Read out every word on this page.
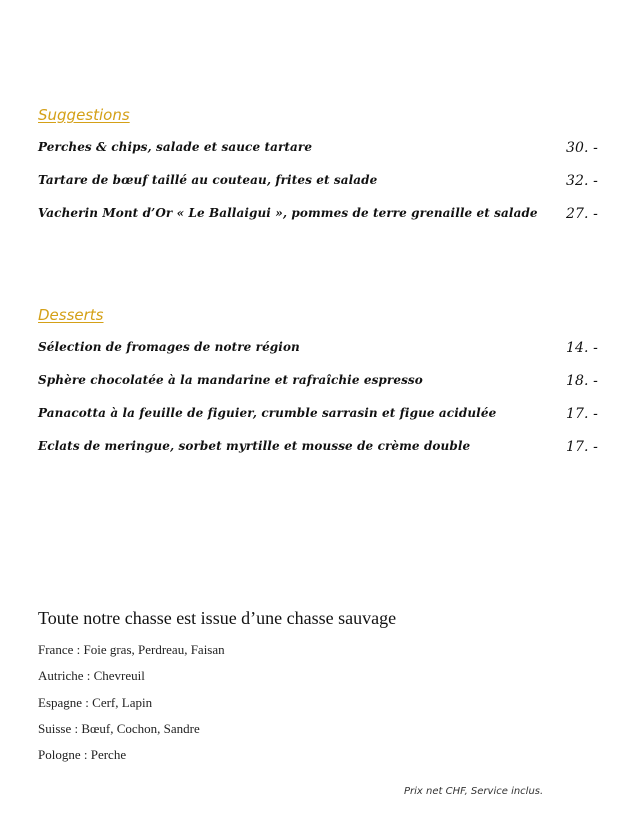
Suggestions
Perches & chips, salade et sauce tartare	30. -
Tartare de bœuf taillé au couteau, frites et salade	32. -
Vacherin Mont d’Or « Le Ballaigui », pommes de terre grenaille et salade 27. -
Desserts
Sélection de fromages de notre région	14. -
Sphère chocolatée à la mandarine et rafraîchie espresso	18. -
Panacotta à la feuille de figuier, crumble sarrasin et figue acidulée	17. -
Eclats de meringue, sorbet myrtille et mousse de crème double	17. -
Toute notre chasse est issue d’une chasse sauvage
France : Foie gras, Perdreau, Faisan
Autriche : Chevreuil
Espagne : Cerf, Lapin
Suisse : Bœuf, Cochon, Sandre
Pologne : Perche
Prix net CHF, Service inclus.
